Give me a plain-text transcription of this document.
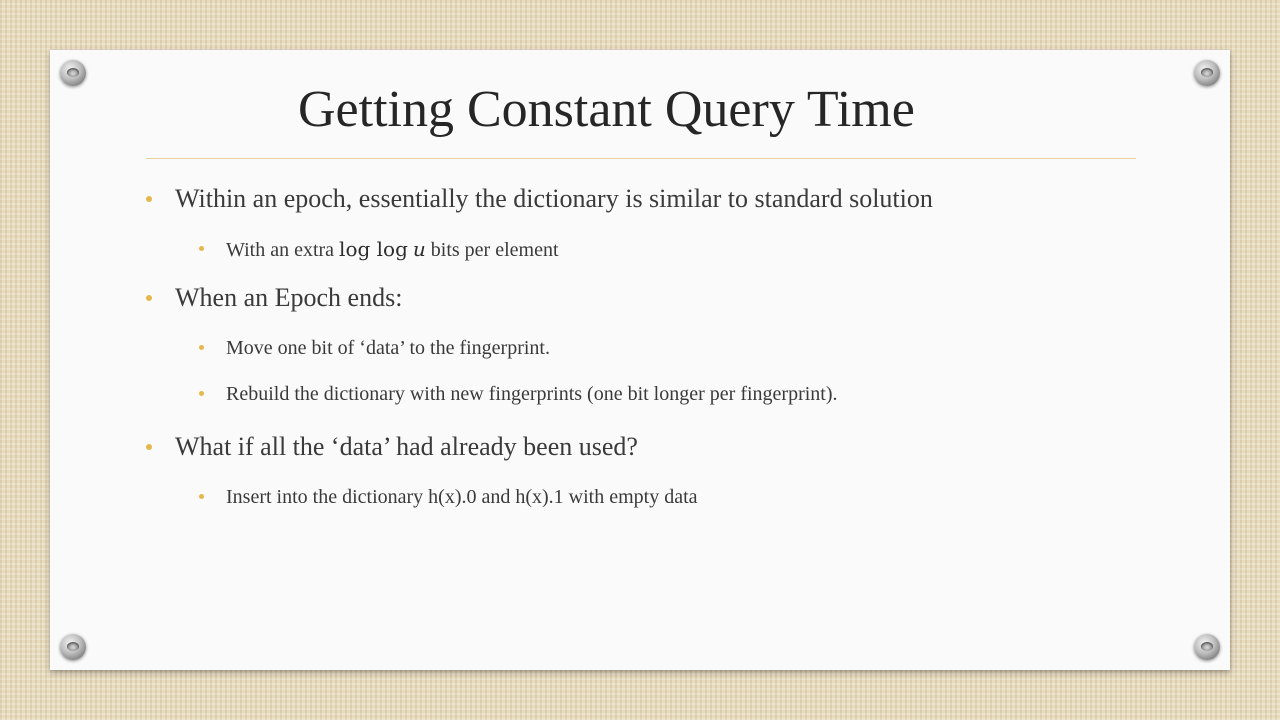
Getting Constant Query Time
Within an epoch, essentially the dictionary is similar to standard solution
With an extra log log u bits per element
When an Epoch ends:
Move one bit of ‘data’ to the fingerprint.
Rebuild the dictionary with new fingerprints (one bit longer per fingerprint).
What if all the ‘data’ had already been used?
Insert into the dictionary h(x).0 and h(x).1 with empty data
